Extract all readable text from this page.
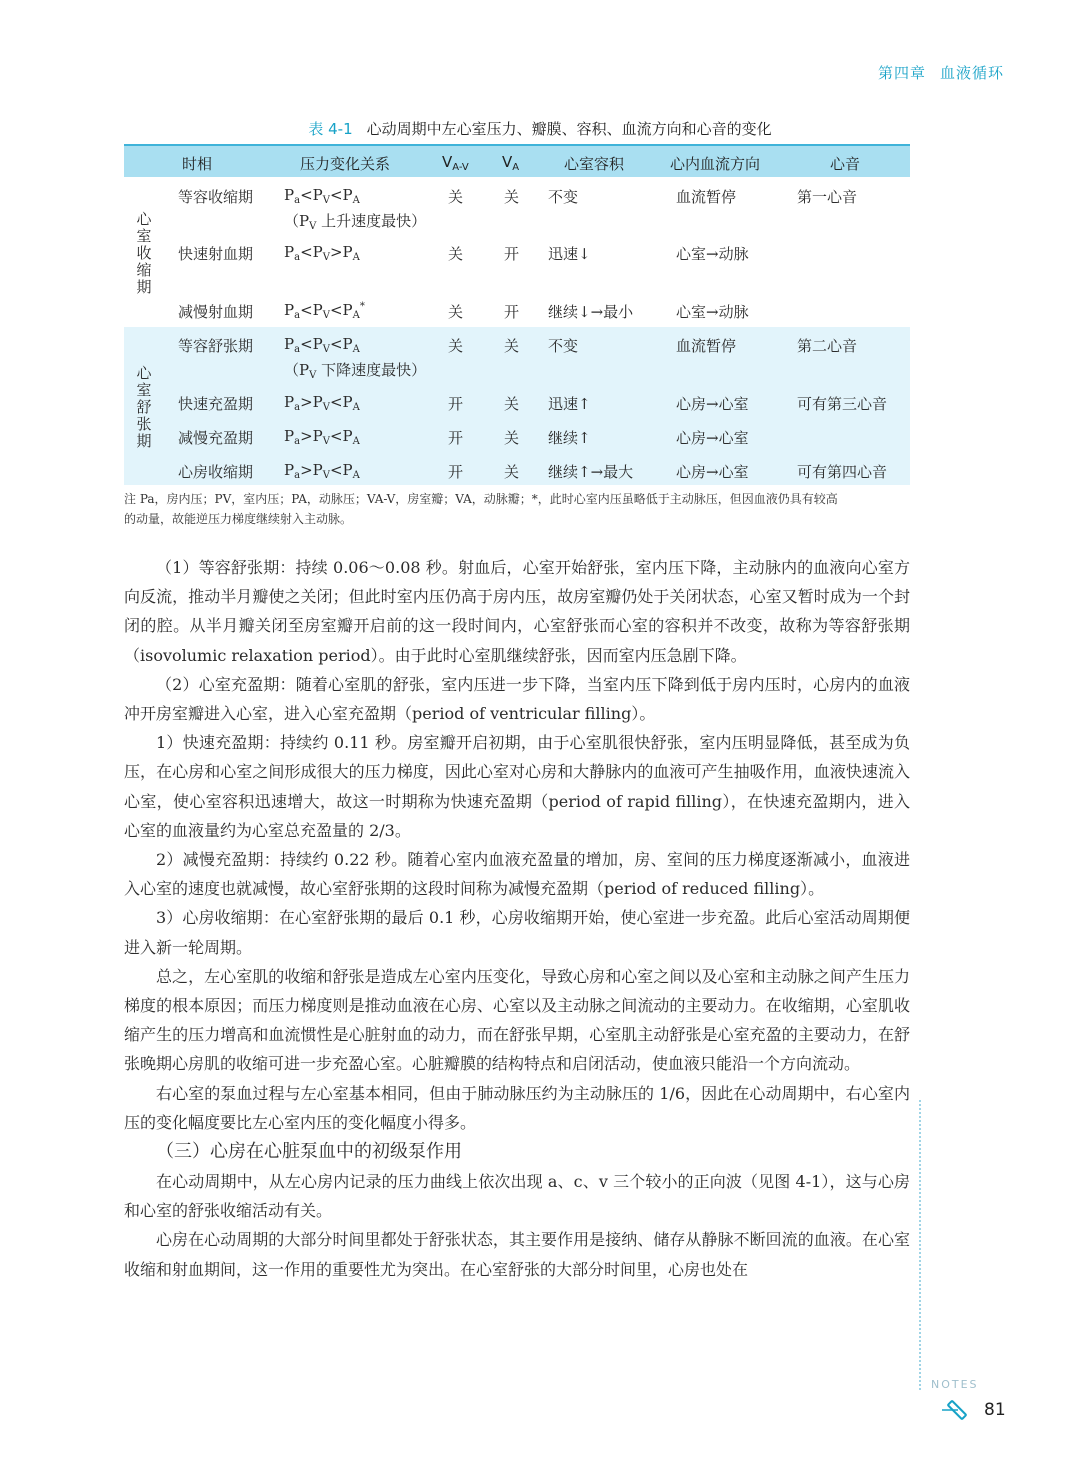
第四章 血液循环
表 4-1 心动周期中左心室压力、瓣膜、容积、血流方向和心音的变化
时相	压力变化关系	$V_{A-V}$ $V_A$	心室容积	心内血流方向	心音
心室收缩期
等容收缩期 $P_a<P_V<P_A$
（$P_V$ 上升速度最快）
关	关 不变	血流暂停	第一心音
快速射血期 $P_a<P_V>P_A$	关	开 迅速↓	心室→动脉
减慢射血期 $P_a<P_V<P_A^*$	关	开 继续↓→最小	心室→动脉
心室舒张期
等容舒张期 $P_a<P_V<P_A$
（$P_V$ 下降速度最快）
关	关 不变	血流暂停	第二心音
快速充盈期 $P_a>P_V<P_A$	开	关 迅速↑	心房→心室	可有第三心音
减慢充盈期 $P_a>P_V<P_A$	开	关 继续↑	心房→心室
心房收缩期 $P_a>P_V<P_A$	开	关 继续↑→最大	心房→心室	可有第四心音
注 Pa，房内压；PV，室内压；PA，动脉压；VA-V，房室瓣；VA，动脉瓣；*，此时心室内压虽略低于主动脉压，但因血液仍具有较高
的动量，故能逆压力梯度继续射入主动脉。

（1）等容舒张期：持续 0.06～0.08 秒。射血后，心室开始舒张，室内压下降，主动脉内的血液向心室方向反流，推动半月瓣使之关闭；但此时室内压仍高于房内压，故房室瓣仍处于关闭状态，心室又暂时成为一个封闭的腔。从半月瓣关闭至房室瓣开启前的这一段时间内，心室舒张而心室的容积并不改变，故称为等容舒张期（isovolumic relaxation period）。由于此时心室肌继续舒张，因而室内压急剧下降。

（2）心室充盈期：随着心室肌的舒张，室内压进一步下降，当室内压下降到低于房内压时，心房内的血液冲开房室瓣进入心室，进入心室充盈期（period of ventricular filling）。

1）快速充盈期：持续约 0.11 秒。房室瓣开启初期，由于心室肌很快舒张，室内压明显降低，甚至成为负压，在心房和心室之间形成很大的压力梯度，因此心室对心房和大静脉内的血液可产生抽吸作用，血液快速流入心室，使心室容积迅速增大，故这一时期称为快速充盈期（period of rapid filling），在快速充盈期内，进入心室的血液量约为心室总充盈量的 2/3。

2）减慢充盈期：持续约 0.22 秒。随着心室内血液充盈量的增加，房、室间的压力梯度逐渐减小，血液进入心室的速度也就减慢，故心室舒张期的这段时间称为减慢充盈期（period of reduced filling）。

3）心房收缩期：在心室舒张期的最后 0.1 秒，心房收缩期开始，使心室进一步充盈。此后心室活动周期便进入新一轮周期。

总之，左心室肌的收缩和舒张是造成左心室内压变化，导致心房和心室之间以及心室和主动脉之间产生压力梯度的根本原因；而压力梯度则是推动血液在心房、心室以及主动脉之间流动的主要动力。在收缩期，心室肌收缩产生的压力增高和血流惯性是心脏射血的动力，而在舒张早期，心室肌主动舒张是心室充盈的主要动力，在舒张晚期心房肌的收缩可进一步充盈心室。心脏瓣膜的结构特点和启闭活动，使血液只能沿一个方向流动。

右心室的泵血过程与左心室基本相同，但由于肺动脉压约为主动脉压的 1/6，因此在心动周期中，右心室内压的变化幅度要比左心室内压的变化幅度小得多。

（三）心房在心脏泵血中的初级泵作用

在心动周期中，从左心房内记录的压力曲线上依次出现 a、c、v 三个较小的正向波（见图 4-1），这与心房和心室的舒张收缩活动有关。

心房在心动周期的大部分时间里都处于舒张状态，其主要作用是接纳、储存从静脉不断回流的血液。在心室收缩和射血期间，这一作用的重要性尤为突出。在心室舒张的大部分时间里，心房也处在

NOTES
81
